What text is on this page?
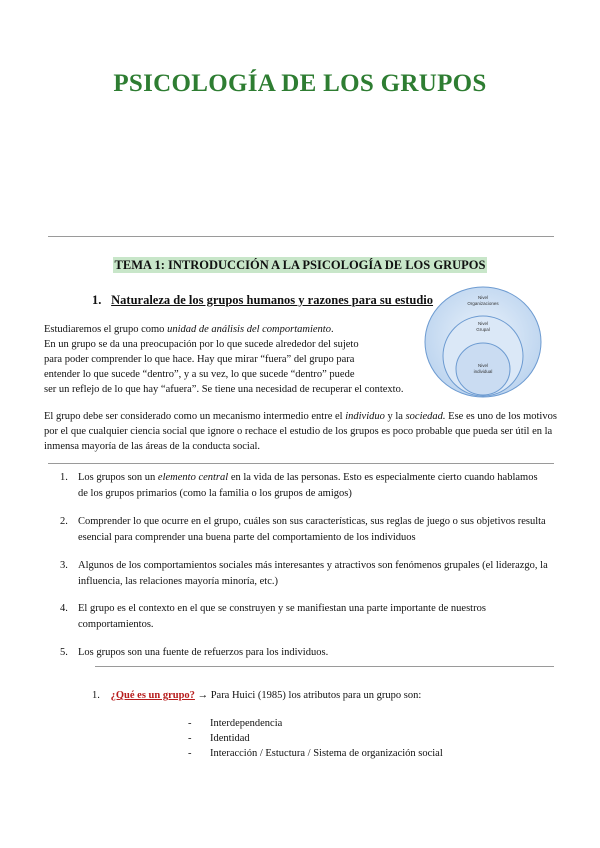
PSICOLOGÍA DE LOS GRUPOS
TEMA 1: INTRODUCCIÓN A LA PSICOLOGÍA DE LOS GRUPOS
1. Naturaleza de los grupos humanos y razones para su estudio	Nivel
Organizaciones
Nivel
Grupal
Nivel
individual
Estudiaremos el grupo como unidad de análisis del comportamiento.
En un grupo se da una preocupación por lo que sucede alrededor del sujeto
para poder comprender lo que hace. Hay que mirar “fuera” del grupo para
entender lo que sucede “dentro”, y a su vez, lo que sucede “dentro” puede
ser un reflejo de lo que hay “afuera”. Se tiene una necesidad de recuperar el contexto.
El grupo debe ser considerado como un mecanismo intermedio entre el individuo y la sociedad. Ese es uno de los motivos por el que cualquier ciencia social que ignore o rechace el estudio de los grupos es poco probable que pueda ser útil en la inmensa mayoría de las áreas de la conducta social.
1. Los grupos son un elemento central en la vida de las personas. Esto es especialmente cierto cuando hablamos de los grupos primarios (como la familia o los grupos de amigos)
2. Comprender lo que ocurre en el grupo, cuáles son sus características, sus reglas de juego o sus objetivos resulta esencial para comprender una buena parte del comportamiento de los individuos
3. Algunos de los comportamientos sociales más interesantes y atractivos son fenómenos grupales (el liderazgo, la influencia, las relaciones mayoría minoría, etc.)
4. El grupo es el contexto en el que se construyen y se manifiestan una parte importante de nuestros comportamientos.
5. Los grupos son una fuente de refuerzos para los individuos.
1. ¿Qué es un grupo? → Para Huici (1985) los atributos para un grupo son:
- Interdependencia
- Identidad
- Interacción / Estuctura / Sistema de organización social
